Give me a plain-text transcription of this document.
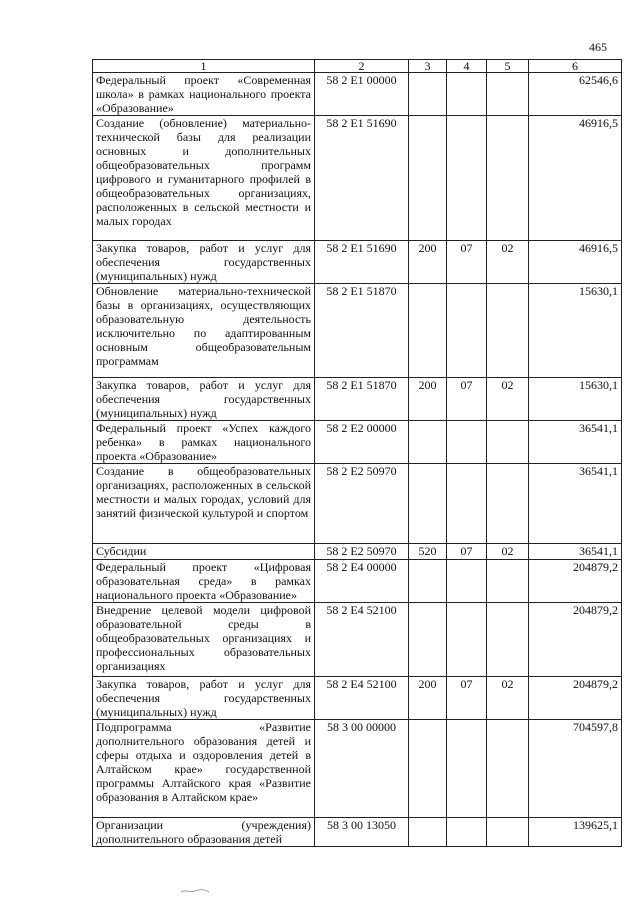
465
1	2	3	4	5	6
Федеральный проект «Современная школа» в рамках национального проекта «Образование»	58 2 E1 00000				62546,6
Создание (обновление) материально-технической базы для реализации основных и дополнительных общеобразовательных программ цифрового и гуманитарного профилей в общеобразовательных организациях, расположенных в сельской местности и малых городах	58 2 E1 51690				46916,5
Закупка товаров, работ и услуг для обеспечения государственных (муниципальных) нужд	58 2 E1 51690	200	07	02	46916,5
Обновление материально-технической базы в организациях, осуществляющих образовательную деятельность исключительно по адаптированным основным общеобразовательным программам	58 2 E1 51870				15630,1
Закупка товаров, работ и услуг для обеспечения государственных (муниципальных) нужд	58 2 E1 51870	200	07	02	15630,1
Федеральный проект «Успех каждого ребенка» в рамках национального проекта «Образование»	58 2 E2 00000				36541,1
Создание в общеобразовательных организациях, расположенных в сельской местности и малых городах, условий для занятий физической культурой и спортом	58 2 E2 50970				36541,1
Субсидии	58 2 E2 50970	520	07	02	36541,1
Федеральный проект «Цифровая образовательная среда» в рамках национального проекта «Образование»	58 2 E4 00000				204879,2
Внедрение целевой модели цифровой образовательной среды в общеобразовательных организациях и профессиональных образовательных организациях	58 2 E4 52100				204879,2
Закупка товаров, работ и услуг для обеспечения государственных (муниципальных) нужд	58 2 E4 52100	200	07	02	204879,2
Подпрограмма «Развитие дополнительного образования детей и сферы отдыха и оздоровления детей в Алтайском крае» государственной программы Алтайского края «Развитие образования в Алтайском крае»	58 3 00 00000				704597,8
Организации (учреждения) дополнительного образования детей	58 3 00 13050				139625,1
